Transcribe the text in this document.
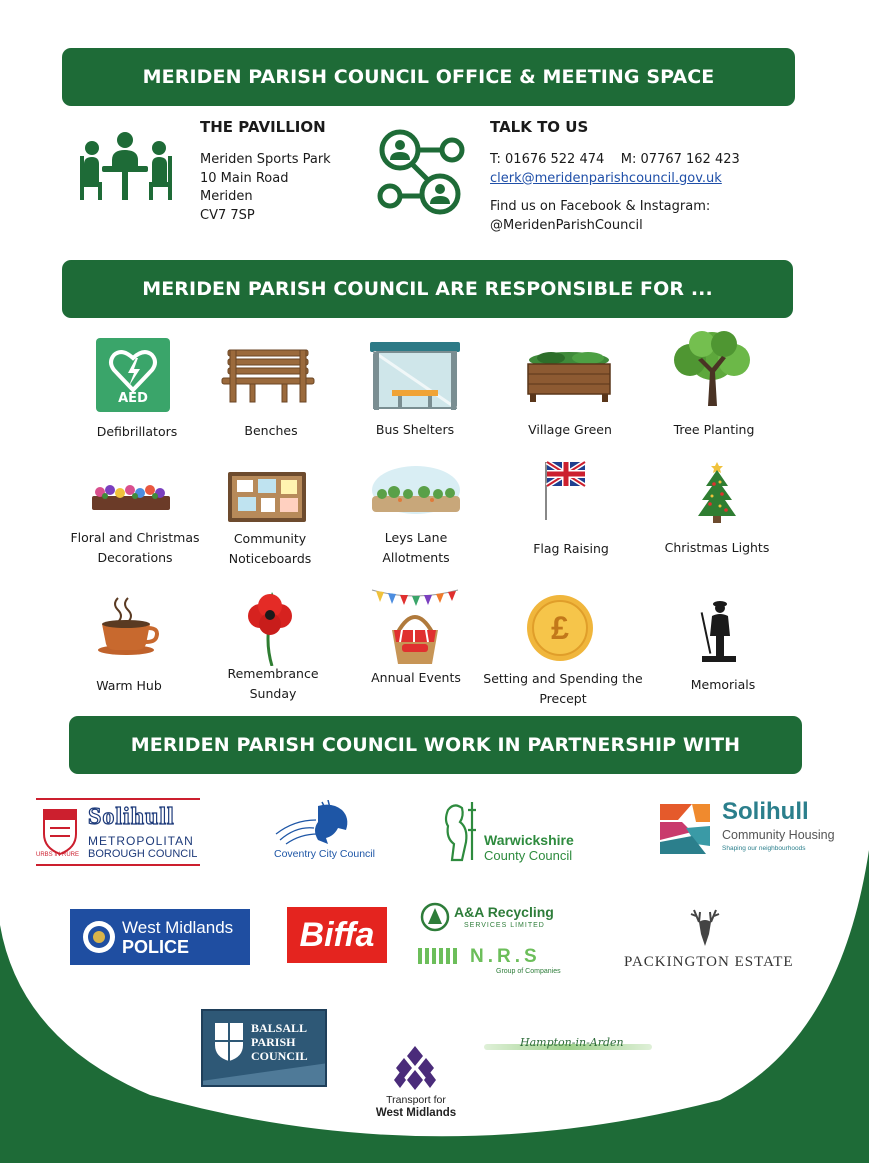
MERIDEN PARISH COUNCIL OFFICE & MEETING SPACE
THE PAVILLION
Meriden Sports Park
10 Main Road
Meriden
CV7 7SP
TALK TO US
T: 01676 522 474    M: 07767 162 423
clerk@meridenparishcouncil.gov.uk
Find us on Facebook & Instagram:
@MeridenParishCouncil
MERIDEN PARISH COUNCIL ARE RESPONSIBLE FOR ...
AED
Defibrillators	Benches	Bus Shelters	Village Green	Tree Planting
Floral and Christmas Decorations
Community Noticeboards
Leys Lane Allotments
Flag Raising	Christmas Lights
£
Warm Hub
Remembrance Sunday
Annual Events	Setting and Spending the Precept
Memorials
MERIDEN PARISH COUNCIL WORK IN PARTNERSHIP WITH
URBS IN RURE
Solihull
METROPOLITAN
BOROUGH COUNCIL	Coventry City Council
Warwickshire
County Council
Solihull
Community Housing
Shaping our neighbourhoods
West Midlands
POLICE	Biffa
A&A Recycling
SERVICES LIMITED
N.R.S
Group of Companies
PACKINGTON ESTATE
BALSALL
PARISH
COUNCIL
Transport for
West Midlands
Hampton-in-Arden
